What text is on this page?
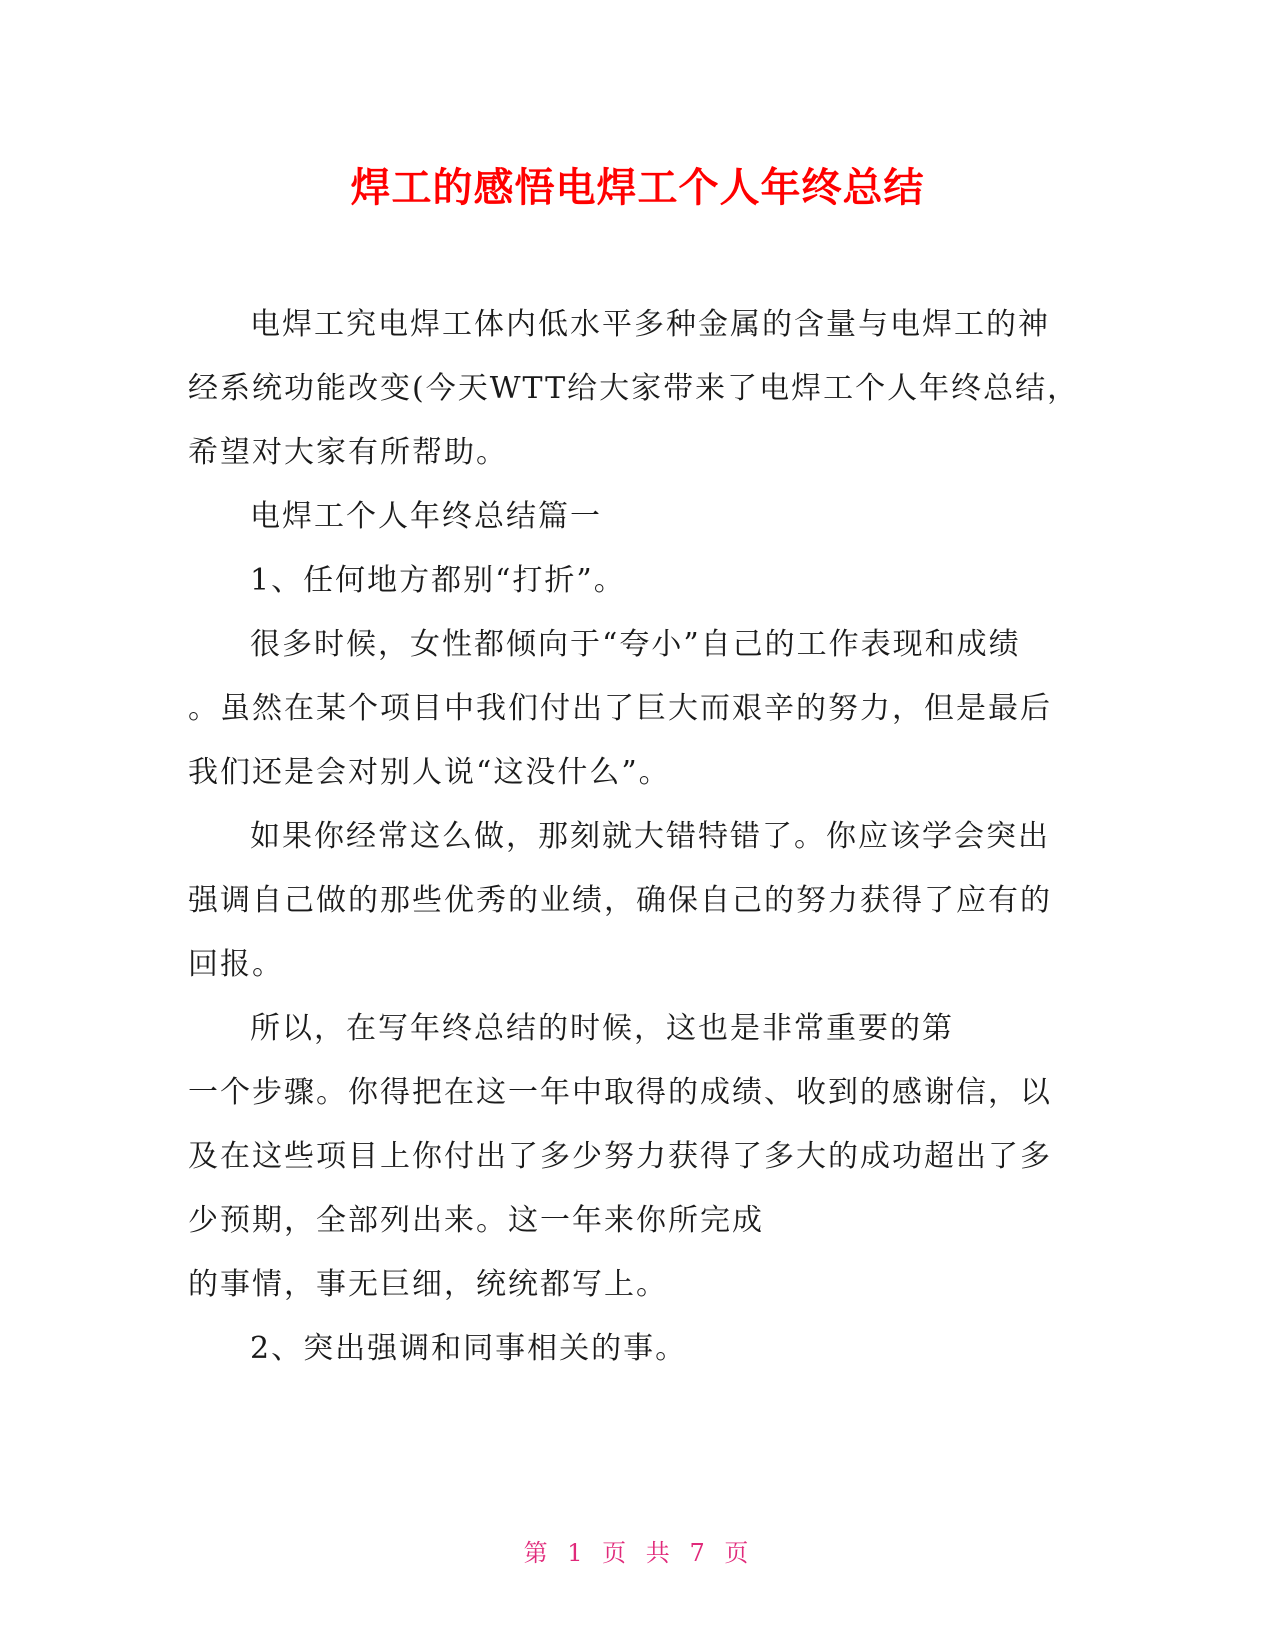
焊工的感悟电焊工个人年终总结
电焊工究电焊工体内低水平多种金属的含量与电焊工的神
经系统功能改变(今天WTT给大家带来了电焊工个人年终总结，
希望对大家有所帮助。
电焊工个人年终总结篇一
1、任何地方都别“打折”。
很多时候，女性都倾向于“夸小”自己的工作表现和成绩
。虽然在某个项目中我们付出了巨大而艰辛的努力，但是最后
我们还是会对别人说“这没什么”。
如果你经常这么做，那刻就大错特错了。你应该学会突出
强调自己做的那些优秀的业绩，确保自己的努力获得了应有的
回报。
所以，在写年终总结的时候，这也是非常重要的第
一个步骤。你得把在这一年中取得的成绩、收到的感谢信，以
及在这些项目上你付出了多少努力获得了多大的成功超出了多
少预期，全部列出来。这一年来你所完成
的事情，事无巨细，统统都写上。
2、突出强调和同事相关的事。
第 1 页 共 7 页
